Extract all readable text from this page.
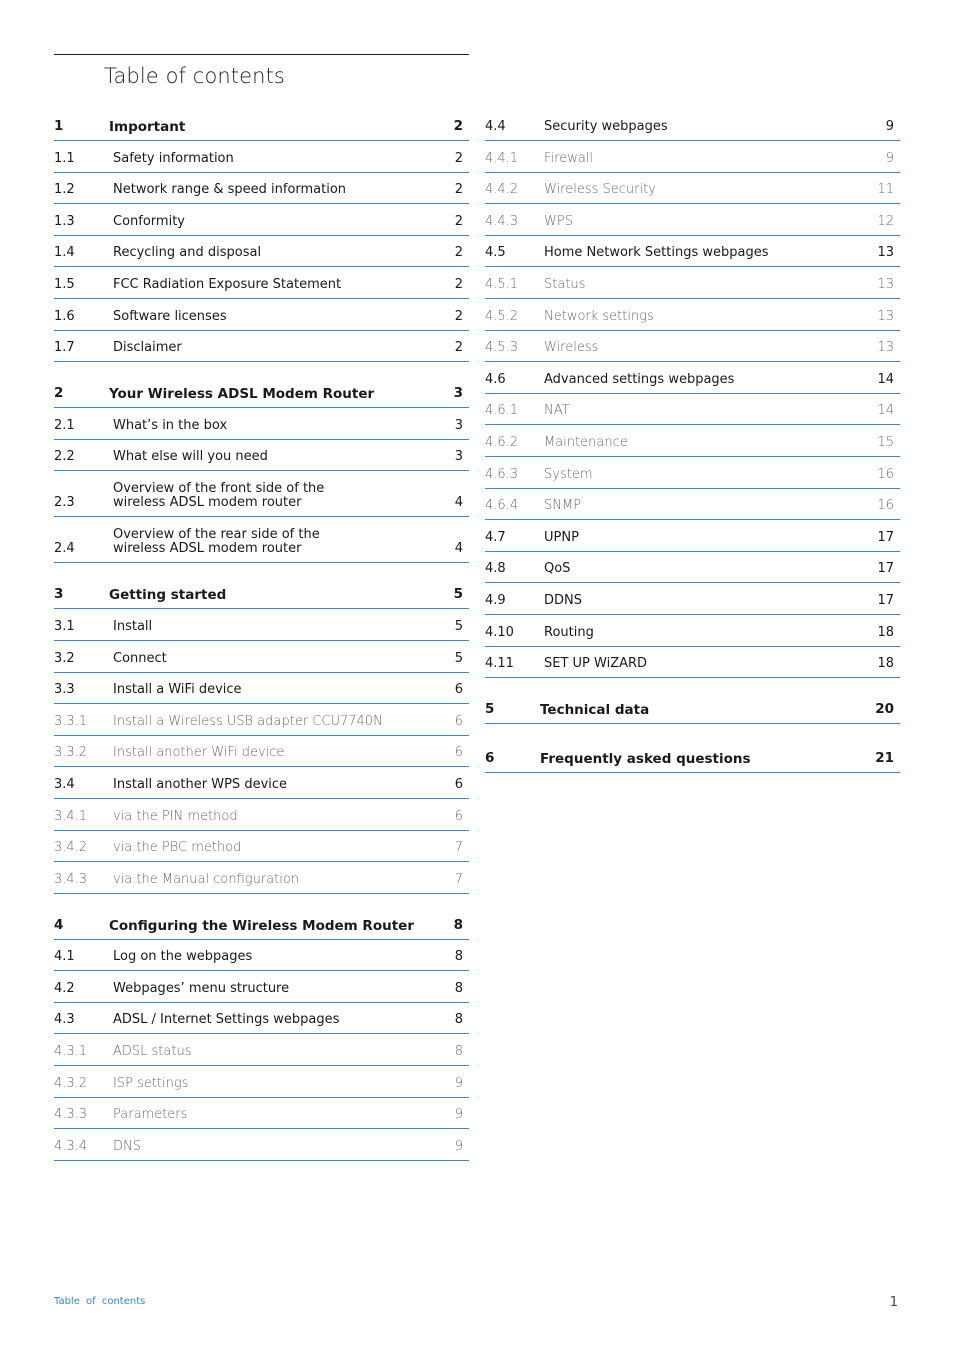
Table of contents
1	Important	2
1.1	Safety information	2
1.2	Network range & speed information	2
1.3	Conformity	2
1.4	Recycling and disposal	2
1.5	FCC Radiation Exposure Statement	2
1.6	Software licenses	2
1.7	Disclaimer	2
2	Your Wireless ADSL Modem Router	3
2.1	What’s in the box	3
2.2	What else will you need	3
2.3
Overview of the front side of the
wireless ADSL modem router	4
2.4
Overview of the rear side of the
wireless ADSL modem router	4
3	Getting started	5
3.1	Install	5
3.2	Connect	5
3.3	Install a WiFi device	6
3.3.1 Install a Wireless USB adapter CCU7740N	6
3.3.2 Install another WiFi device	6
3.4	Install another WPS device	6
3.4.1 via the PIN method	6
3.4.2 via the PBC method	7
3.4.3 via the Manual configuration	7
4	Configuring the Wireless Modem Router	8
4.1	Log on the webpages	8
4.2	Webpages’ menu structure	8
4.3	ADSL / Internet Settings webpages	8
4.3.1 ADSL status	8
4.3.2 ISP settings	9
4.3.3 Parameters	9
4.3.4 DNS	9
4.4	Security webpages	9
4.4.1 Firewall	9
4.4.2 Wireless Security	11
4.4.3 WPS	12
4.5	Home Network Settings webpages	13
4.5.1 Status	13
4.5.2 Network settings	13
4.5.3 Wireless	13
4.6	Advanced settings webpages	14
4.6.1 NAT	14
4.6.2 Maintenance	15
4.6.3 System	16
4.6.4 SNMP	16
4.7	UPNP	17
4.8	QoS	17
4.9	DDNS	17
4.10 Routing	18
4.11 SET UP WiZARD	18
5	Technical data	20
6	Frequently asked questions	21
Table of contents	1
